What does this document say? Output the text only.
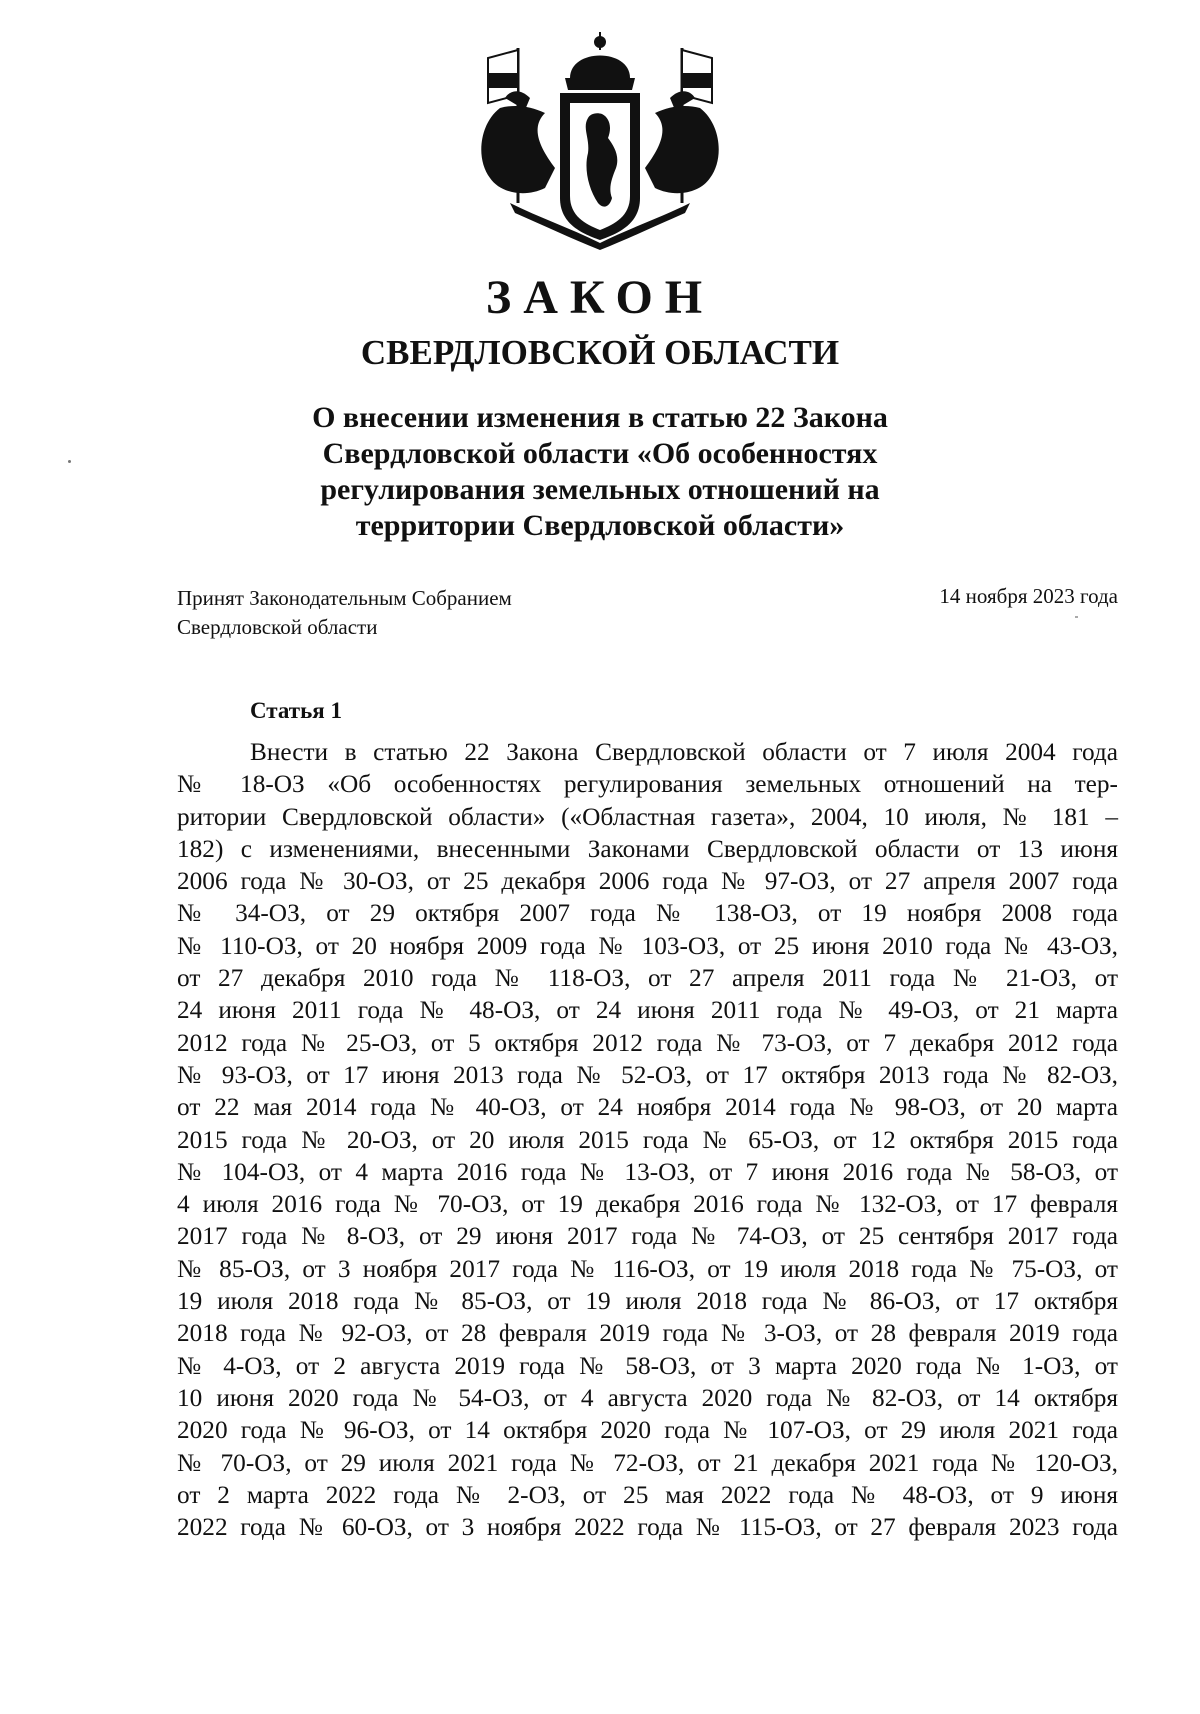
ЗАКОН
СВЕРДЛОВСКОЙ ОБЛАСТИ
О внесении изменения в статью 22 Закона
Свердловской области «Об особенностях
регулирования земельных отношений на
территории Свердловской области»
Принят Законодательным Собранием
Свердловской области
14 ноября 2023 года
Статья 1
Внести в статью 22 Закона Свердловской области от 7 июля 2004 года
№ 18-ОЗ «Об особенностях регулирования земельных отношений на тер-
ритории Свердловской области» («Областная газета», 2004, 10 июля, № 181 –
182) с изменениями, внесенными Законами Свердловской области от 13 июня
2006 года № 30-ОЗ, от 25 декабря 2006 года № 97-ОЗ, от 27 апреля 2007 года
№ 34-ОЗ, от 29 октября 2007 года № 138-ОЗ, от 19 ноября 2008 года
№ 110-ОЗ, от 20 ноября 2009 года № 103-ОЗ, от 25 июня 2010 года № 43-ОЗ,
от 27 декабря 2010 года № 118-ОЗ, от 27 апреля 2011 года № 21-ОЗ, от
24 июня 2011 года № 48-ОЗ, от 24 июня 2011 года № 49-ОЗ, от 21 марта
2012 года № 25-ОЗ, от 5 октября 2012 года № 73-ОЗ, от 7 декабря 2012 года
№ 93-ОЗ, от 17 июня 2013 года № 52-ОЗ, от 17 октября 2013 года № 82-ОЗ,
от 22 мая 2014 года № 40-ОЗ, от 24 ноября 2014 года № 98-ОЗ, от 20 марта
2015 года № 20-ОЗ, от 20 июля 2015 года № 65-ОЗ, от 12 октября 2015 года
№ 104-ОЗ, от 4 марта 2016 года № 13-ОЗ, от 7 июня 2016 года № 58-ОЗ, от
4 июля 2016 года № 70-ОЗ, от 19 декабря 2016 года № 132-ОЗ, от 17 февраля
2017 года № 8-ОЗ, от 29 июня 2017 года № 74-ОЗ, от 25 сентября 2017 года
№ 85-ОЗ, от 3 ноября 2017 года № 116-ОЗ, от 19 июля 2018 года № 75-ОЗ, от
19 июля 2018 года № 85-ОЗ, от 19 июля 2018 года № 86-ОЗ, от 17 октября
2018 года № 92-ОЗ, от 28 февраля 2019 года № 3-ОЗ, от 28 февраля 2019 года
№ 4-ОЗ, от 2 августа 2019 года № 58-ОЗ, от 3 марта 2020 года № 1-ОЗ, от
10 июня 2020 года № 54-ОЗ, от 4 августа 2020 года № 82-ОЗ, от 14 октября
2020 года № 96-ОЗ, от 14 октября 2020 года № 107-ОЗ, от 29 июля 2021 года
№ 70-ОЗ, от 29 июля 2021 года № 72-ОЗ, от 21 декабря 2021 года № 120-ОЗ,
от 2 марта 2022 года № 2-ОЗ, от 25 мая 2022 года № 48-ОЗ, от 9 июня
2022 года № 60-ОЗ, от 3 ноября 2022 года № 115-ОЗ, от 27 февраля 2023 года
